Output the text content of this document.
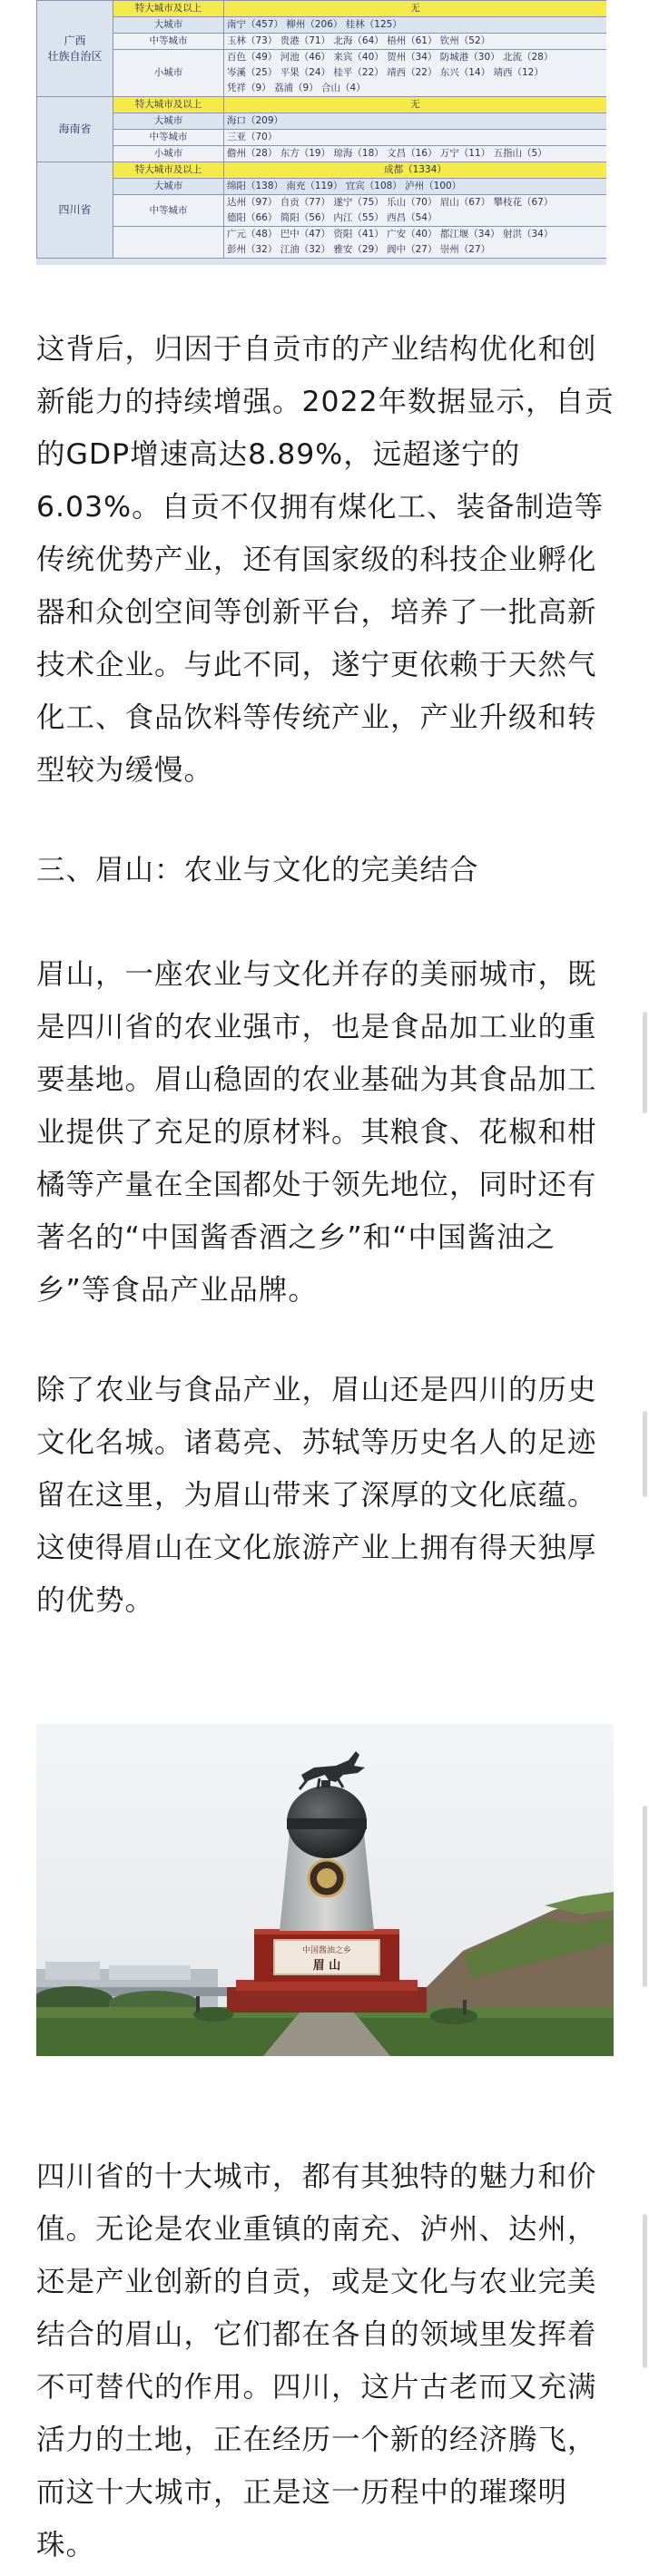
广西
壮族自治区	特大城市及以上	无
	大城市	南宁（457） 柳州（206） 桂林（125）
	中等城市	玉林（73） 贵港（71） 北海（64） 梧州（61） 钦州（52）
	小城市	百色（49） 河池（46） 来宾（40） 贺州（34） 防城港（30） 北流（28）
岑溪（25） 平果（24） 桂平（22） 靖西（22） 东兴（14） 靖西（12）
凭祥（9） 荔浦（9） 合山（4）
海南省	特大城市及以上	无
	大城市	海口（209）
	中等城市	三亚（70）
	小城市	儋州（28） 东方（19） 琼海（18） 文昌（16） 万宁（11） 五指山（5）
四川省	特大城市及以上	成都（1334）
	大城市	绵阳（138） 南充（119） 宜宾（108） 泸州（100）
	中等城市	达州（97） 自贡（77） 遂宁（75） 乐山（70） 眉山（67） 攀枝花（67）
德阳（66） 简阳（56） 内江（55） 西昌（54）
		广元（48） 巴中（47） 资阳（41） 广安（40） 都江堰（34） 射洪（34）
彭州（32） 江油（32） 雅安（29） 阆中（27） 崇州（27）

这背后，归因于自贡市的产业结构优化和创新能力的持续增强。2022年数据显示，自贡的GDP增速高达8.89%，远超遂宁的6.03%。自贡不仅拥有煤化工、装备制造等传统优势产业，还有国家级的科技企业孵化器和众创空间等创新平台，培养了一批高新技术企业。与此不同，遂宁更依赖于天然气化工、食品饮料等传统产业，产业升级和转型较为缓慢。

三、眉山：农业与文化的完美结合

眉山，一座农业与文化并存的美丽城市，既是四川省的农业强市，也是食品加工业的重要基地。眉山稳固的农业基础为其食品加工业提供了充足的原材料。其粮食、花椒和柑橘等产量在全国都处于领先地位，同时还有著名的“中国酱香酒之乡”和“中国酱油之乡”等食品产业品牌。

除了农业与食品产业，眉山还是四川的历史文化名城。诸葛亮、苏轼等历史名人的足迹留在这里，为眉山带来了深厚的文化底蕴。这使得眉山在文化旅游产业上拥有得天独厚的优势。

中国酱油之乡
眉 山

四川省的十大城市，都有其独特的魅力和价值。无论是农业重镇的南充、泸州、达州，还是产业创新的自贡，或是文化与农业完美结合的眉山，它们都在各自的领域里发挥着不可替代的作用。四川，这片古老而又充满活力的土地，正在经历一个新的经济腾飞，而这十大城市，正是这一历程中的璀璨明珠。
